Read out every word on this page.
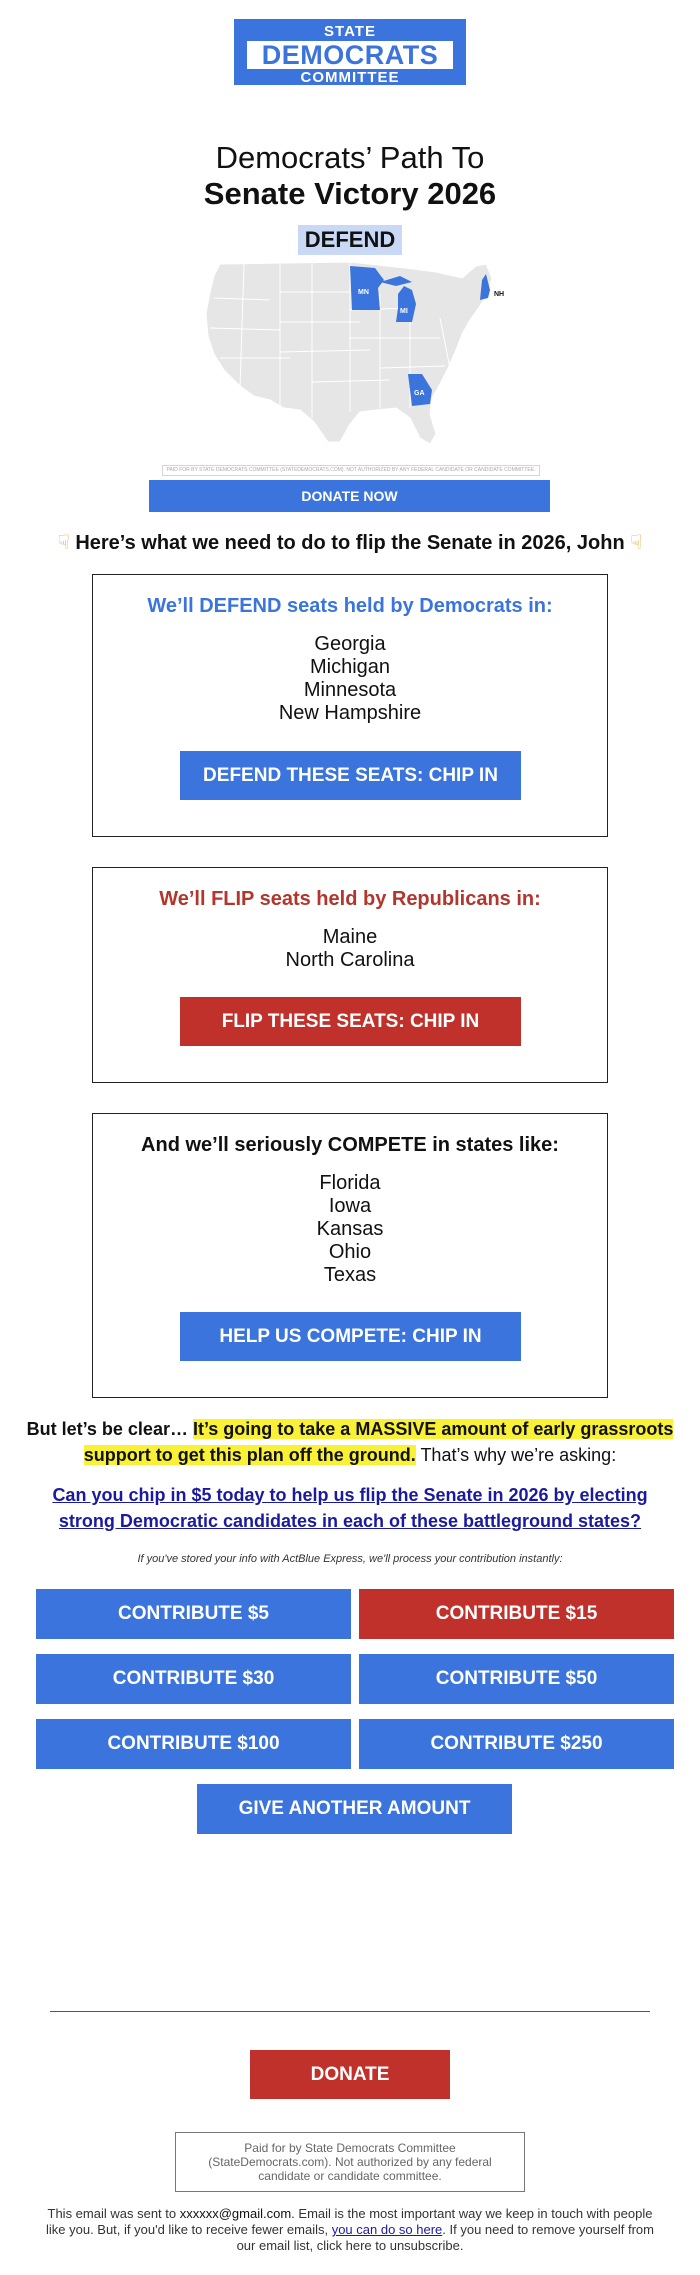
STATE
DEMOCRATS
COMMITTEE
Democrats’ Path To
Senate Victory 2026
DEFEND
MN
MI
NH
GA
PAID FOR BY STATE DEMOCRATS COMMITTEE (STATEDEMOCRATS.COM). NOT AUTHORIZED BY ANY FEDERAL CANDIDATE OR CANDIDATE COMMITTEE.
DONATE NOW
☟ Here’s what we need to do to flip the Senate in 2026, John ☟
We’ll DEFEND seats held by Democrats in:
Georgia
Michigan
Minnesota
New Hampshire
DEFEND THESE SEATS: CHIP IN
We’ll FLIP seats held by Republicans in:
Maine
North Carolina
FLIP THESE SEATS: CHIP IN
And we’ll seriously COMPETE in states like:
Florida
Iowa
Kansas
Ohio
Texas
HELP US COMPETE: CHIP IN
But let’s be clear… It’s going to take a MASSIVE amount of early grassroots support to get this plan off the ground. That’s why we’re asking:
Can you chip in $5 today to help us flip the Senate in 2026 by electing strong Democratic candidates in each of these battleground states?
If you've stored your info with ActBlue Express, we'll process your contribution instantly:
CONTRIBUTE $5	CONTRIBUTE $15
CONTRIBUTE $30	CONTRIBUTE $50
CONTRIBUTE $100	CONTRIBUTE $250
GIVE ANOTHER AMOUNT
DONATE
Paid for by State Democrats Committee
(StateDemocrats.com). Not authorized by any federal
candidate or candidate committee.
This email was sent to xxxxxx@gmail.com. Email is the most important way we keep in touch with people like you. But, if you'd like to receive fewer emails, you can do so here. If you need to remove yourself from our email list, click here to unsubscribe.
